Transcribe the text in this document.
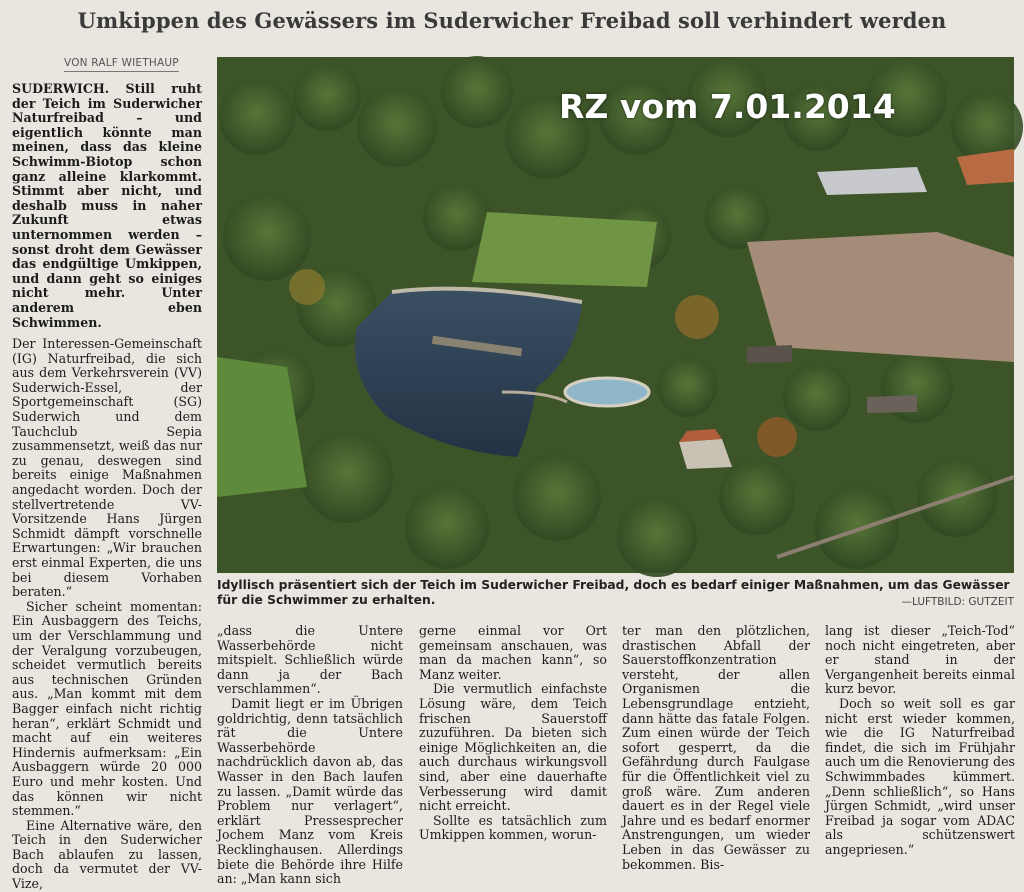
Umkippen des Gewässers im Suderwicher Freibad soll verhindert werden
VON RALF WIETHAUP

SUDERWICH. Still ruht der Teich im Suderwicher Naturfreibad – und eigentlich könnte man meinen, dass das kleine Schwimm-Biotop schon ganz alleine klarkommt. Stimmt aber nicht, und deshalb muss in naher Zukunft etwas unternommen werden – sonst droht dem Gewässer das endgültige Umkippen, und dann geht so einiges nicht mehr. Unter anderem eben Schwimmen.

Der Interessen-Gemeinschaft (IG) Naturfreibad, die sich aus dem Verkehrsverein (VV) Suderwich-Essel, der Sportgemeinschaft (SG) Suderwich und dem Tauchclub Sepia zusammensetzt, weiß das nur zu genau, deswegen sind bereits einige Maßnahmen angedacht worden. Doch der stellvertretende VV-Vorsitzende Hans Jürgen Schmidt dämpft vorschnelle Erwartungen: „Wir brauchen erst einmal Experten, die uns bei diesem Vorhaben beraten.“

Sicher scheint momentan: Ein Ausbaggern des Teichs, um der Verschlammung und der Veralgung vorzubeugen, scheidet vermutlich bereits aus technischen Gründen aus. „Man kommt mit dem Bagger einfach nicht richtig heran“, erklärt Schmidt und macht auf ein weiteres Hindernis aufmerksam: „Ein Ausbaggern würde 20 000 Euro und mehr kosten. Und das können wir nicht stemmen.“

Eine Alternative wäre, den Teich in den Suderwicher Bach ablaufen zu lassen, doch da vermutet der VV-Vize,

RZ vom 7.01.2014
Idyllisch präsentiert sich der Teich im Suderwicher Freibad, doch es bedarf einiger Maßnahmen, um das Gewässer für die Schwimmer zu erhalten.	—LUFTBILD: GUTZEIT

„dass die Untere Wasserbehörde nicht mitspielt. Schließlich würde dann ja der Bach verschlammen“.

Damit liegt er im Übrigen goldrichtig, denn tatsächlich rät die Untere Wasserbehörde nachdrücklich davon ab, das Wasser in den Bach laufen zu lassen. „Damit würde das Problem nur verlagert“, erklärt Pressesprecher Jochem Manz vom Kreis Recklinghausen. Allerdings biete die Behörde ihre Hilfe an: „Man kann sich

gerne einmal vor Ort gemeinsam anschauen, was man da machen kann“, so Manz weiter.

Die vermutlich einfachste Lösung wäre, dem Teich frischen Sauerstoff zuzuführen. Da bieten sich einige Möglichkeiten an, die auch durchaus wirkungsvoll sind, aber eine dauerhafte Verbesserung wird damit nicht erreicht.

Sollte es tatsächlich zum Umkippen kommen, worun-

ter man den plötzlichen, drastischen Abfall der Sauerstoffkonzentration versteht, der allen Organismen die Lebensgrundlage entzieht, dann hätte das fatale Folgen. Zum einen würde der Teich sofort gesperrt, da die Gefährdung durch Faulgase für die Öffentlichkeit viel zu groß wäre. Zum anderen dauert es in der Regel viele Jahre und es bedarf enormer Anstrengungen, um wieder Leben in das Gewässer zu bekommen. Bis-

lang ist dieser „Teich-Tod“ noch nicht eingetreten, aber er stand in der Vergangenheit bereits einmal kurz bevor.

Doch so weit soll es gar nicht erst wieder kommen, wie die IG Naturfreibad findet, die sich im Frühjahr auch um die Renovierung des Schwimmbades kümmert. „Denn schließlich“, so Hans Jürgen Schmidt, „wird unser Freibad ja sogar vom ADAC als schützenswert angepriesen.“
